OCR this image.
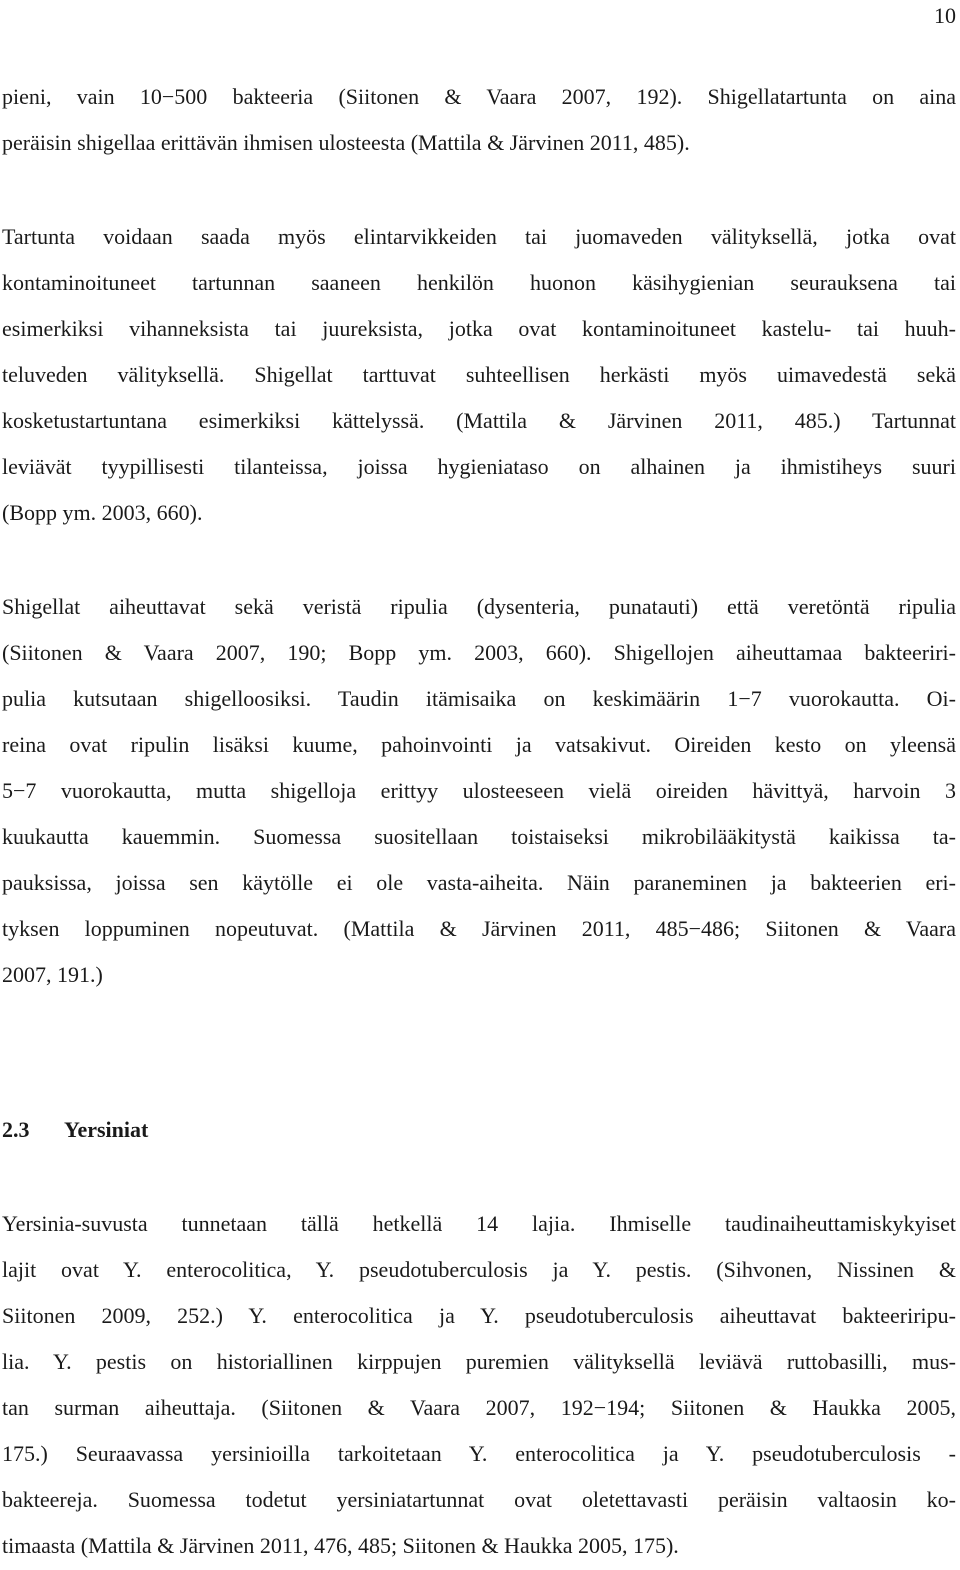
10
pieni, vain 10−500 bakteeria (Siitonen & Vaara 2007, 192). Shigellatartunta on aina
peräisin shigellaa erittävän ihmisen ulosteesta (Mattila & Järvinen 2011, 485).
Tartunta voidaan saada myös elintarvikkeiden tai juomaveden välityksellä, jotka ovat
kontaminoituneet tartunnan saaneen henkilön huonon käsihygienian seurauksena tai
esimerkiksi vihanneksista tai juureksista, jotka ovat kontaminoituneet kastelu- tai huuh-
teluveden välityksellä. Shigellat tarttuvat suhteellisen herkästi myös uimavedestä sekä
kosketustartuntana esimerkiksi kättelyssä. (Mattila & Järvinen 2011, 485.) Tartunnat
leviävät tyypillisesti tilanteissa, joissa hygieniataso on alhainen ja ihmistiheys suuri
(Bopp ym. 2003, 660).
Shigellat aiheuttavat sekä veristä ripulia (dysenteria, punatauti) että veretöntä ripulia
(Siitonen & Vaara 2007, 190; Bopp ym. 2003, 660). Shigellojen aiheuttamaa bakteeriri-
pulia kutsutaan shigelloosiksi. Taudin itämisaika on keskimäärin 1−7 vuorokautta. Oi-
reina ovat ripulin lisäksi kuume, pahoinvointi ja vatsakivut. Oireiden kesto on yleensä
5−7 vuorokautta, mutta shigelloja erittyy ulosteeseen vielä oireiden hävittyä, harvoin 3
kuukautta kauemmin. Suomessa suositellaan toistaiseksi mikrobilääkitystä kaikissa ta-
pauksissa, joissa sen käytölle ei ole vasta-aiheita. Näin paraneminen ja bakteerien eri-
tyksen loppuminen nopeutuvat. (Mattila & Järvinen 2011, 485−486; Siitonen & Vaara
2007, 191.)
2.3 Yersiniat
Yersinia-suvusta tunnetaan tällä hetkellä 14 lajia. Ihmiselle taudinaiheuttamiskykyiset
lajit ovat Y. enterocolitica, Y. pseudotuberculosis ja Y. pestis. (Sihvonen, Nissinen &
Siitonen 2009, 252.) Y. enterocolitica ja Y. pseudotuberculosis aiheuttavat bakteeriripu-
lia. Y. pestis on historiallinen kirppujen puremien välityksellä leviävä ruttobasilli, mus-
tan surman aiheuttaja. (Siitonen & Vaara 2007, 192−194; Siitonen & Haukka 2005,
175.) Seuraavassa yersinioilla tarkoitetaan Y. enterocolitica ja Y. pseudotuberculosis -
bakteereja. Suomessa todetut yersiniatartunnat ovat oletettavasti peräisin valtaosin ko-
timaasta (Mattila & Järvinen 2011, 476, 485; Siitonen & Haukka 2005, 175).
